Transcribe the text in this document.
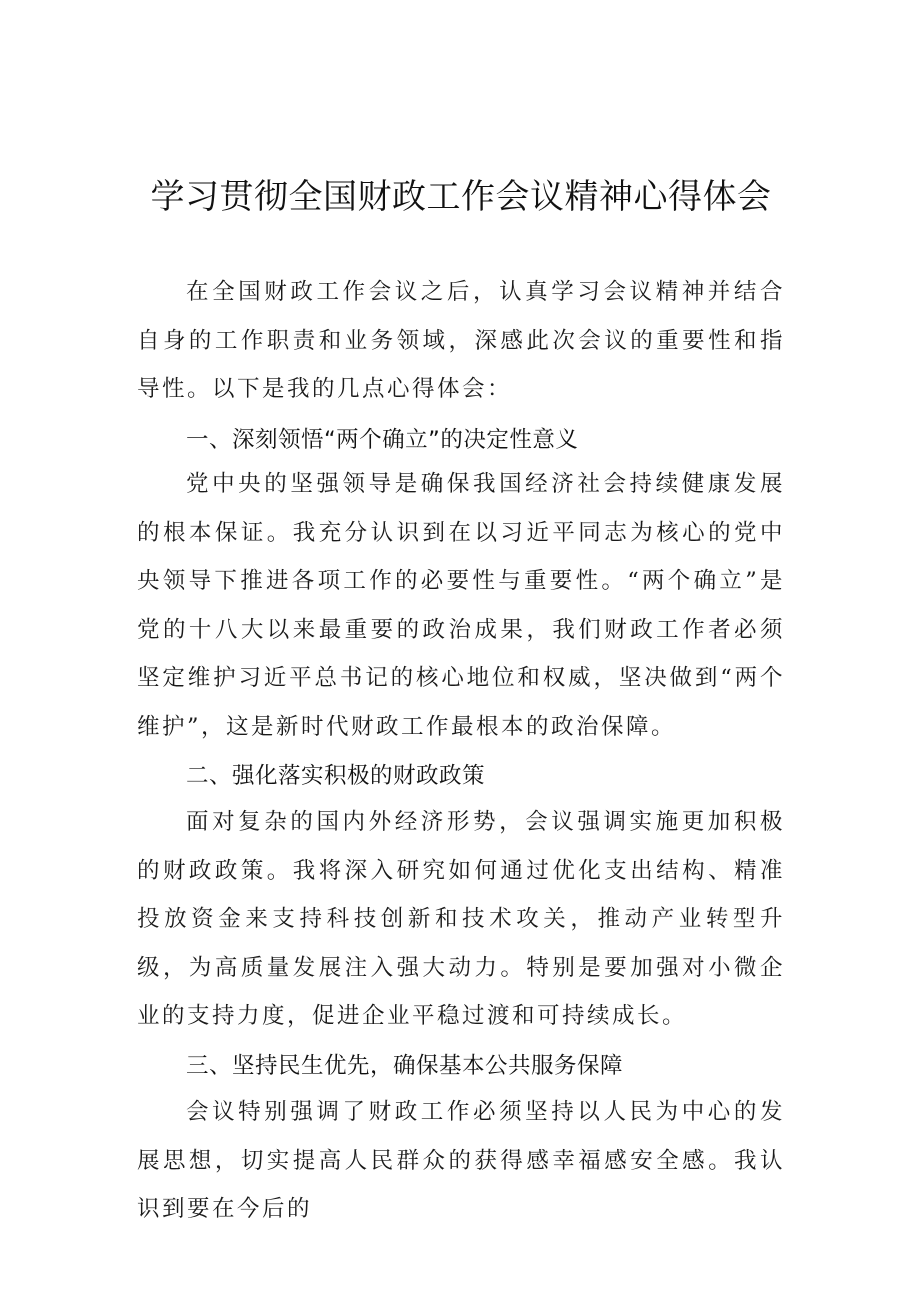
学习贯彻全国财政工作会议精神心得体会
在全国财政工作会议之后，认真学习会议精神并结合自身的工作职责和业务领域，深感此次会议的重要性和指导性。以下是我的几点心得体会：
一、深刻领悟“两个确立”的决定性意义
党中央的坚强领导是确保我国经济社会持续健康发展的根本保证。我充分认识到在以习近平同志为核心的党中央领导下推进各项工作的必要性与重要性。“两个确立”是党的十八大以来最重要的政治成果，我们财政工作者必须坚定维护习近平总书记的核心地位和权威，坚决做到“两个维护”，这是新时代财政工作最根本的政治保障。
二、强化落实积极的财政政策
面对复杂的国内外经济形势，会议强调实施更加积极的财政政策。我将深入研究如何通过优化支出结构、精准投放资金来支持科技创新和技术攻关，推动产业转型升级，为高质量发展注入强大动力。特别是要加强对小微企业的支持力度，促进企业平稳过渡和可持续成长。
三、坚持民生优先，确保基本公共服务保障
会议特别强调了财政工作必须坚持以人民为中心的发展思想，切实提高人民群众的获得感幸福感安全感。我认识到要在今后的
